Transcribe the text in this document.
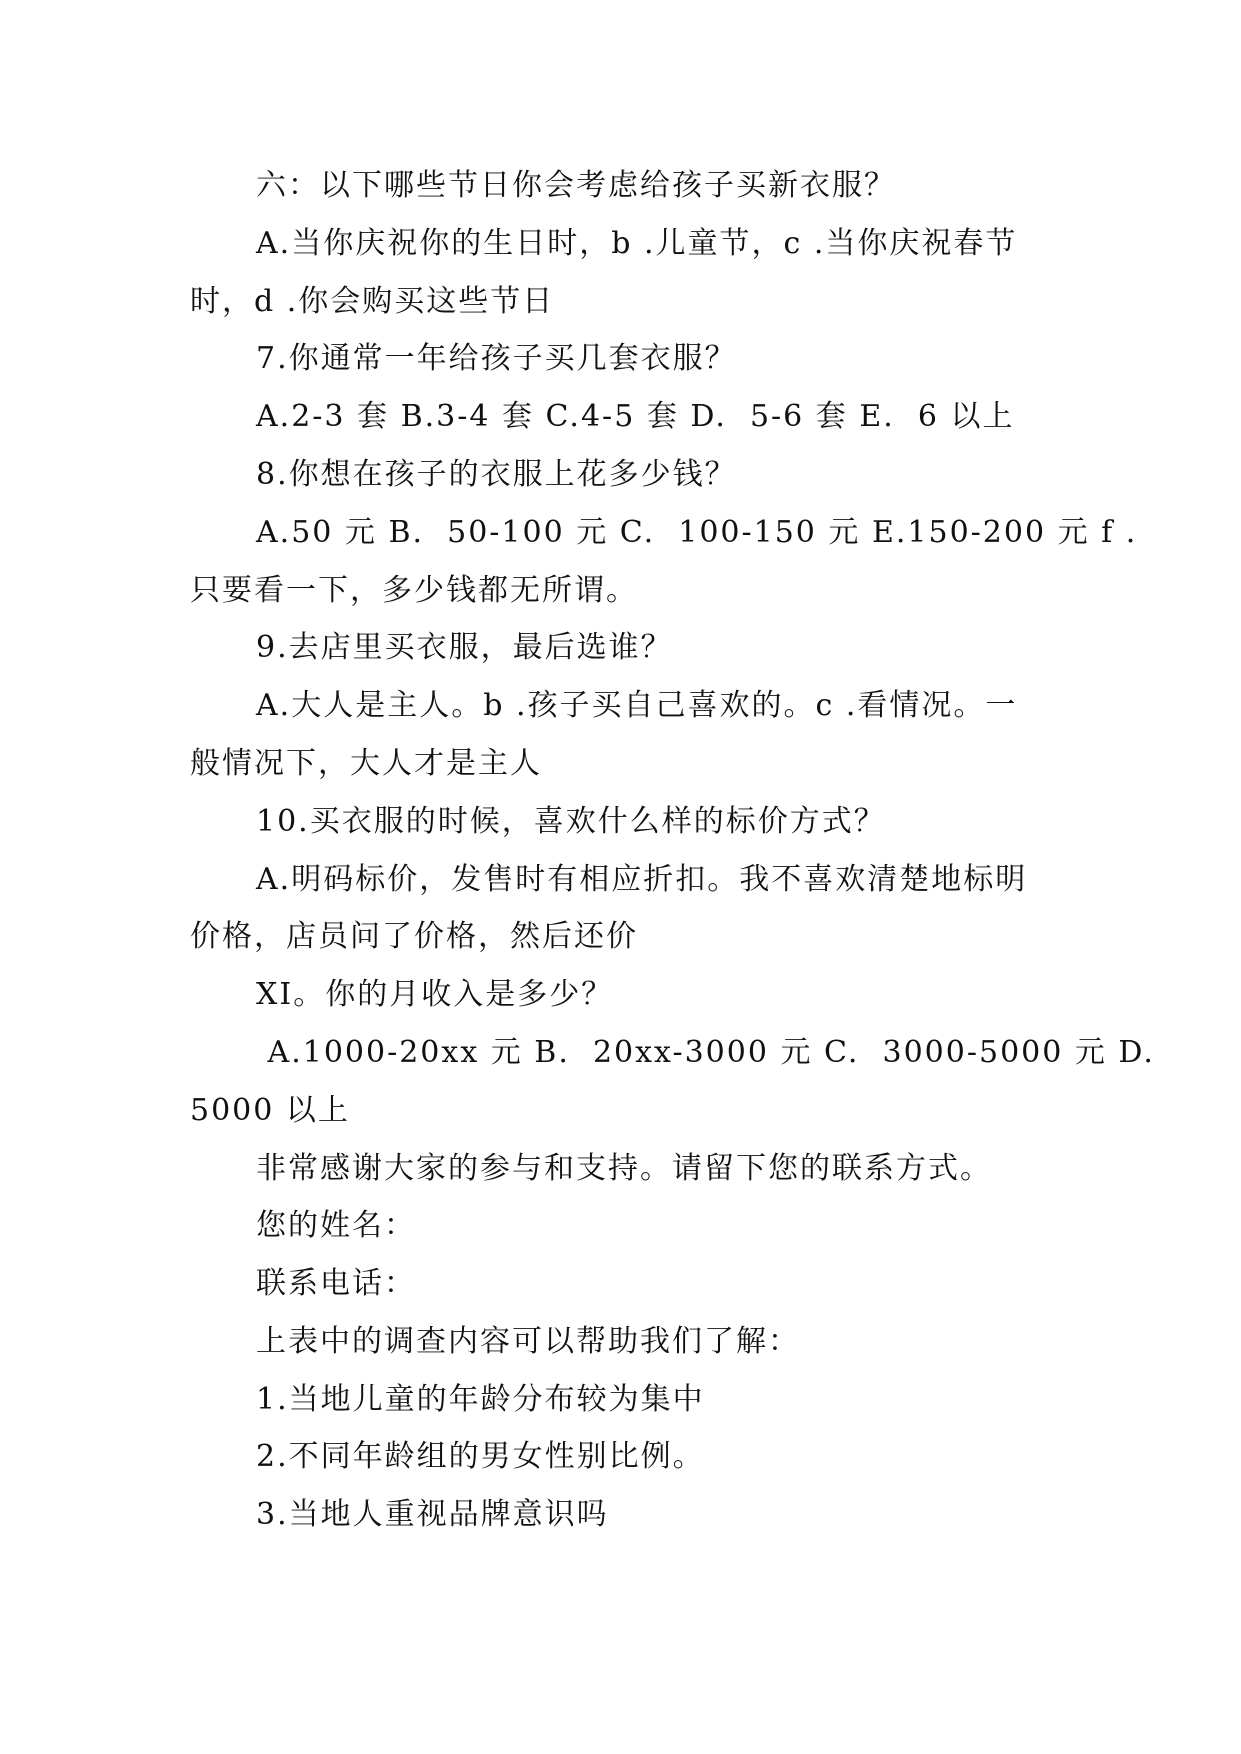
六：以下哪些节日你会考虑给孩子买新衣服？
A.当你庆祝你的生日时，b .儿童节，c .当你庆祝春节
时，d .你会购买这些节日
7.你通常一年给孩子买几套衣服？
A.2-3 套 B.3-4 套 C.4-5 套 D.  5-6 套 E.  6 以上
8.你想在孩子的衣服上花多少钱？
A.50 元 B.  50-100 元 C.  100-150 元 E.150-200 元 f .
只要看一下，多少钱都无所谓。
9.去店里买衣服，最后选谁？
A.大人是主人。b .孩子买自己喜欢的。c .看情况。一
般情况下，大人才是主人
10.买衣服的时候，喜欢什么样的标价方式？
A.明码标价，发售时有相应折扣。我不喜欢清楚地标明
价格，店员问了价格，然后还价
XI。你的月收入是多少？
A.1000-20xx 元 B.  20xx-3000 元 C.  3000-5000 元 D.
5000 以上
非常感谢大家的参与和支持。请留下您的联系方式。
您的姓名：
联系电话：
上表中的调查内容可以帮助我们了解：
1.当地儿童的年龄分布较为集中
2.不同年龄组的男女性别比例。
3.当地人重视品牌意识吗
